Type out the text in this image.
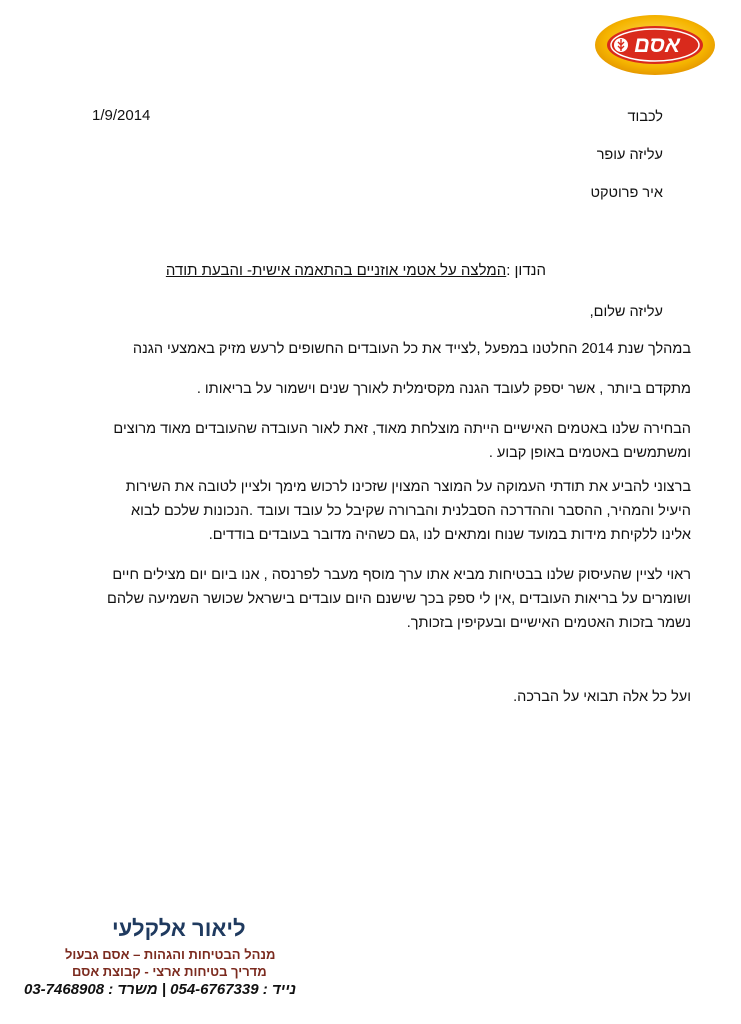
אסם
1/9/2014	לכבוד
עליזה עופר
איר פרוטקט
הנדון :המלצה על אטמי אוזניים בהתאמה אישית- והבעת תודה
עליזה שלום,
במהלך שנת 2014 החלטנו במפעל ,לצייד את כל העובדים החשופים לרעש מזיק באמצעי הגנה
מתקדם ביותר , אשר יספק לעובד הגנה מקסימלית לאורך שנים וישמור על בריאותו .
הבחירה שלנו באטמים האישיים הייתה מוצלחת מאוד, זאת לאור העובדה שהעובדים מאוד מרוצים
ומשתמשים באטמים באופן קבוע .
ברצוני להביע את תודתי העמוקה על המוצר המצוין שזכינו לרכוש מימך ולציין לטובה את השירות
היעיל והמהיר, ההסבר וההדרכה הסבלנית והברורה שקיבל כל עובד ועובד .הנכונות שלכם לבוא
אלינו ללקיחת מידות במועד שנוח ומתאים לנו ,גם כשהיה מדובר בעובדים בודדים.
ראוי לציין שהעיסוק שלנו בבטיחות מביא אתו ערך מוסף מעבר לפרנסה , אנו ביום יום מצילים חיים
ושומרים על בריאות העובדים ,אין לי ספק בכך שישנם היום עובדים בישראל שכושר השמיעה שלהם
נשמר בזכות האטמים האישיים ובעקיפין בזכותך.
ועל כל אלה תבואי על הברכה.
ליאור אלקלעי
מנהל הבטיחות והגהות – אסם גבעול
מדריך בטיחות ארצי - קבוצת אסם
נייד : 054-6767339 | משרד : 03-7468908
